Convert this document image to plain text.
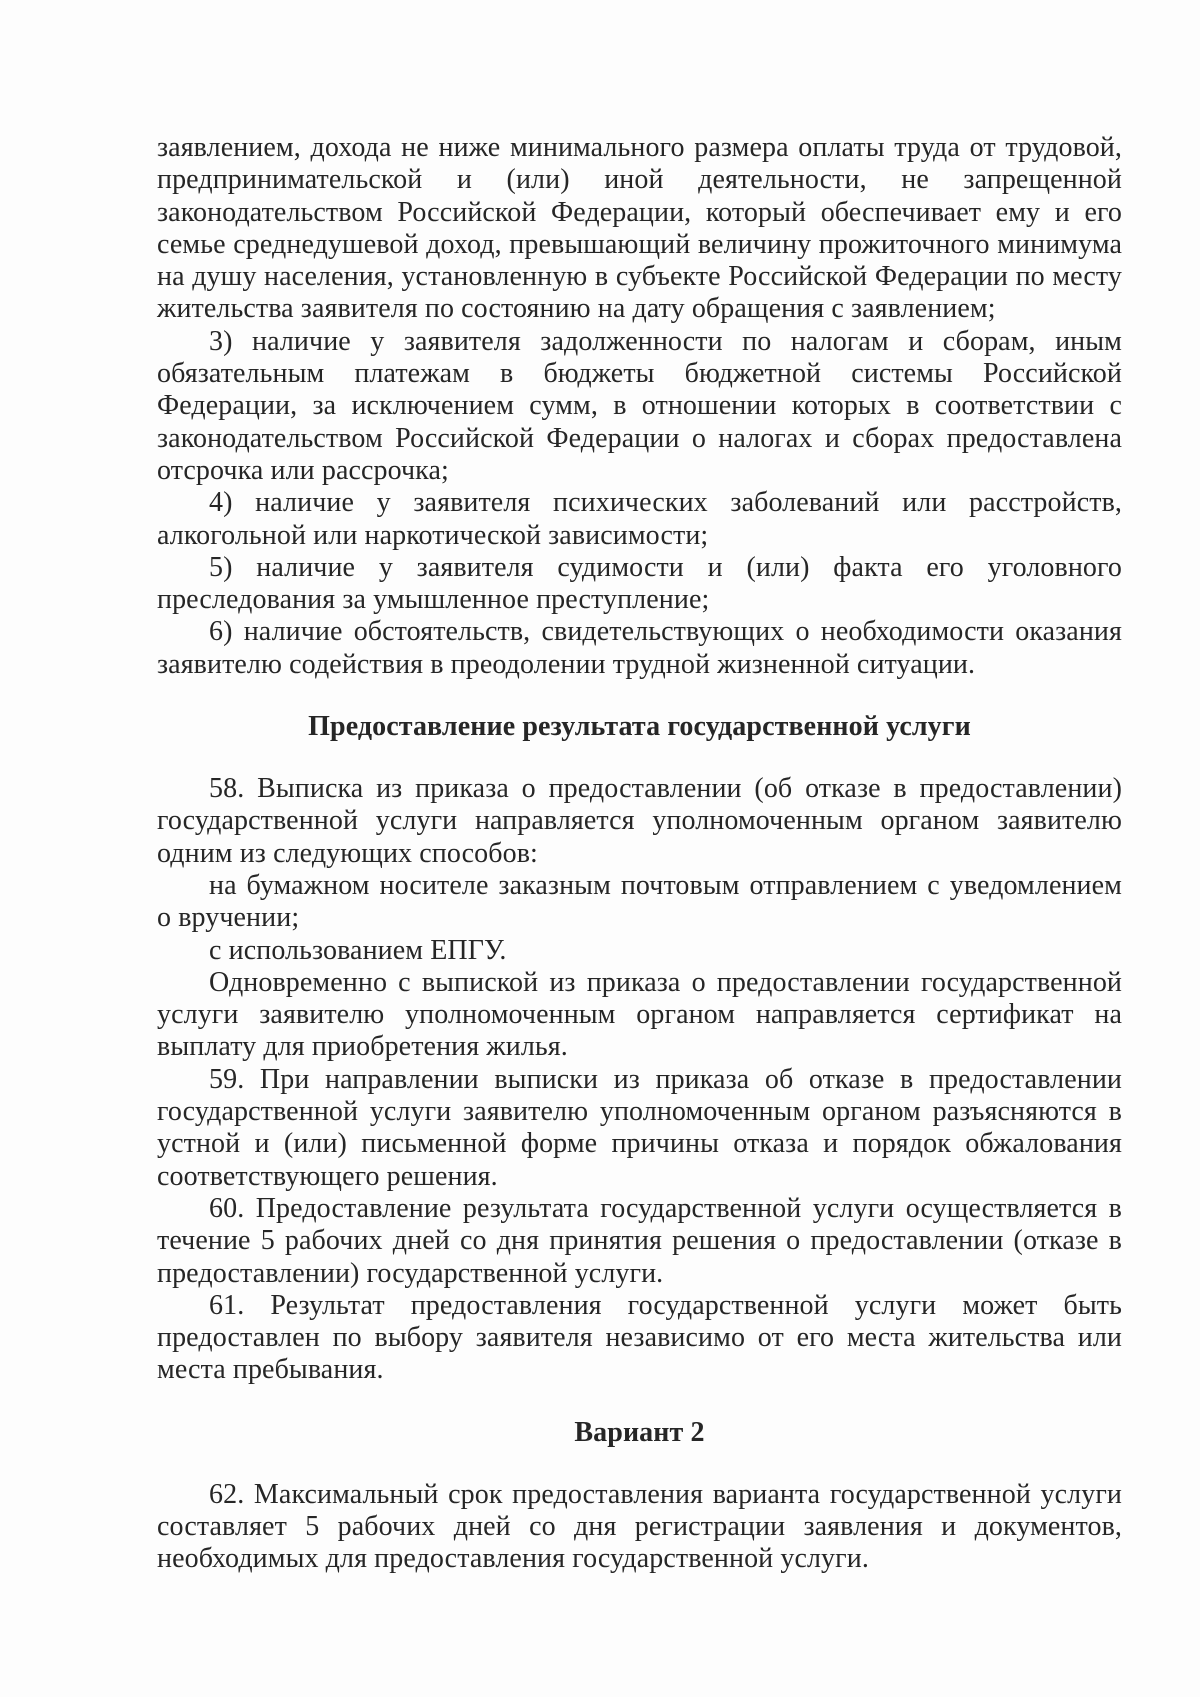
заявлением, дохода не ниже минимального размера оплаты труда от трудовой, предпринимательской и (или) иной деятельности, не запрещенной законодательством Российской Федерации, который обеспечивает ему и его семье среднедушевой доход, превышающий величину прожиточного минимума на душу населения, установленную в субъекте Российской Федерации по месту жительства заявителя по состоянию на дату обращения с заявлением;

3) наличие у заявителя задолженности по налогам и сборам, иным обязательным платежам в бюджеты бюджетной системы Российской Федерации, за исключением сумм, в отношении которых в соответствии с законодательством Российской Федерации о налогах и сборах предоставлена отсрочка или рассрочка;

4) наличие у заявителя психических заболеваний или расстройств, алкогольной или наркотической зависимости;

5) наличие у заявителя судимости и (или) факта его уголовного преследования за умышленное преступление;

6) наличие обстоятельств, свидетельствующих о необходимости оказания заявителю содействия в преодолении трудной жизненной ситуации.

Предоставление результата государственной услуги

58. Выписка из приказа о предоставлении (об отказе в предоставлении) государственной услуги направляется уполномоченным органом заявителю одним из следующих способов:

на бумажном носителе заказным почтовым отправлением с уведомлением о вручении;

с использованием ЕПГУ.

Одновременно с выпиской из приказа о предоставлении государственной услуги заявителю уполномоченным органом направляется сертификат на выплату для приобретения жилья.

59. При направлении выписки из приказа об отказе в предоставлении государственной услуги заявителю уполномоченным органом разъясняются в устной и (или) письменной форме причины отказа и порядок обжалования соответствующего решения.

60. Предоставление результата государственной услуги осуществляется в течение 5 рабочих дней со дня принятия решения о предоставлении (отказе в предоставлении) государственной услуги.

61. Результат предоставления государственной услуги может быть предоставлен по выбору заявителя независимо от его места жительства или места пребывания.

Вариант 2

62. Максимальный срок предоставления варианта государственной услуги составляет 5 рабочих дней со дня регистрации заявления и документов, необходимых для предоставления государственной услуги.
